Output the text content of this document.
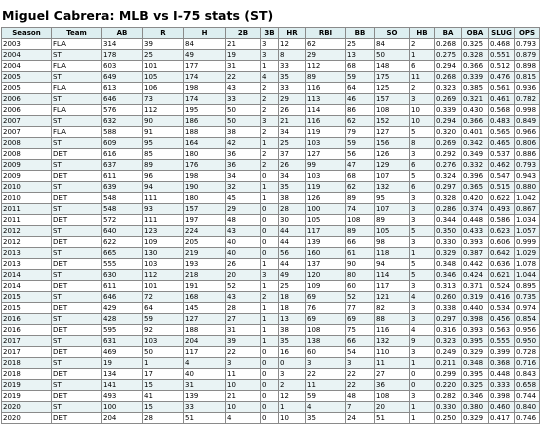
Miguel Cabrera: MLB vs I-75 stats (ST)
Season	Team	AB	R	H	2B	3B	HR	RBI	BB	SO	HB	BA	OBA	SLUG	OPS
2003	FLA	314	39	84	21	3	12	62	25	84	2	0.268	0.325	0.468	0.793
2004	ST	178	25	49	19	3	8	29	13	50	1	0.275	0.328	0.551	0.879
2004	FLA	603	101	177	31	1	33	112	68	148	6	0.294	0.366	0.512	0.898
2005	ST	649	105	174	22	4	35	89	59	175	11	0.268	0.339	0.476	0.815
2005	FLA	613	106	198	43	2	33	116	64	125	2	0.323	0.385	0.561	0.936
2006	ST	646	73	174	33	2	29	113	46	157	3	0.269	0.321	0.461	0.782
2006	FLA	576	112	195	50	2	26	114	86	108	10	0.339	0.430	0.568	0.998
2007	ST	632	90	186	50	3	21	116	62	152	10	0.294	0.366	0.483	0.849
2007	FLA	588	91	188	38	2	34	119	79	127	5	0.320	0.401	0.565	0.966
2008	ST	609	95	164	42	1	25	103	59	156	8	0.269	0.342	0.465	0.806
2008	DET	616	85	180	36	2	37	127	56	126	3	0.292	0.349	0.537	0.886
2009	ST	637	89	176	36	2	26	99	47	129	6	0.276	0.332	0.462	0.793
2009	DET	611	96	198	34	0	34	103	68	107	5	0.324	0.396	0.547	0.943
2010	ST	639	94	190	32	1	35	119	62	132	6	0.297	0.365	0.515	0.880
2010	DET	548	111	180	45	1	38	126	89	95	3	0.328	0.420	0.622	1.042
2011	ST	548	93	157	29	0	28	100	74	107	3	0.286	0.374	0.493	0.867
2011	DET	572	111	197	48	0	30	105	108	89	3	0.344	0.448	0.586	1.034
2012	ST	640	123	224	43	0	44	117	89	105	5	0.350	0.433	0.623	1.057
2012	DET	622	109	205	40	0	44	139	66	98	3	0.330	0.393	0.606	0.999
2013	ST	665	130	219	40	0	56	160	61	118	1	0.329	0.387	0.642	1.029
2013	DET	555	103	193	26	1	44	137	90	94	5	0.348	0.442	0.636	1.078
2014	ST	630	112	218	20	3	49	120	80	114	5	0.346	0.424	0.621	1.044
2014	DET	611	101	191	52	1	25	109	60	117	3	0.313	0.371	0.524	0.895
2015	ST	646	72	168	43	2	18	69	52	121	4	0.260	0.319	0.416	0.735
2015	DET	429	64	145	28	1	18	76	77	82	3	0.338	0.440	0.534	0.974
2016	ST	428	59	127	27	1	13	69	69	88	3	0.297	0.398	0.456	0.854
2016	DET	595	92	188	31	1	38	108	75	116	4	0.316	0.393	0.563	0.956
2017	ST	631	103	204	39	1	35	138	66	132	9	0.323	0.395	0.555	0.950
2017	DET	469	50	117	22	0	16	60	54	110	3	0.249	0.329	0.399	0.728
2018	ST	19	1	4	3	0	0	3	3	11	1	0.211	0.348	0.368	0.716
2018	DET	134	17	40	11	0	3	22	22	27	0	0.299	0.395	0.448	0.843
2019	ST	141	15	31	10	0	2	11	22	36	0	0.220	0.325	0.333	0.658
2019	DET	493	41	139	21	0	12	59	48	108	3	0.282	0.346	0.398	0.744
2020	ST	100	15	33	10	0	1	4	7	20	1	0.330	0.380	0.460	0.840
2020	DET	204	28	51	4	0	10	35	24	51	1	0.250	0.329	0.417	0.746
